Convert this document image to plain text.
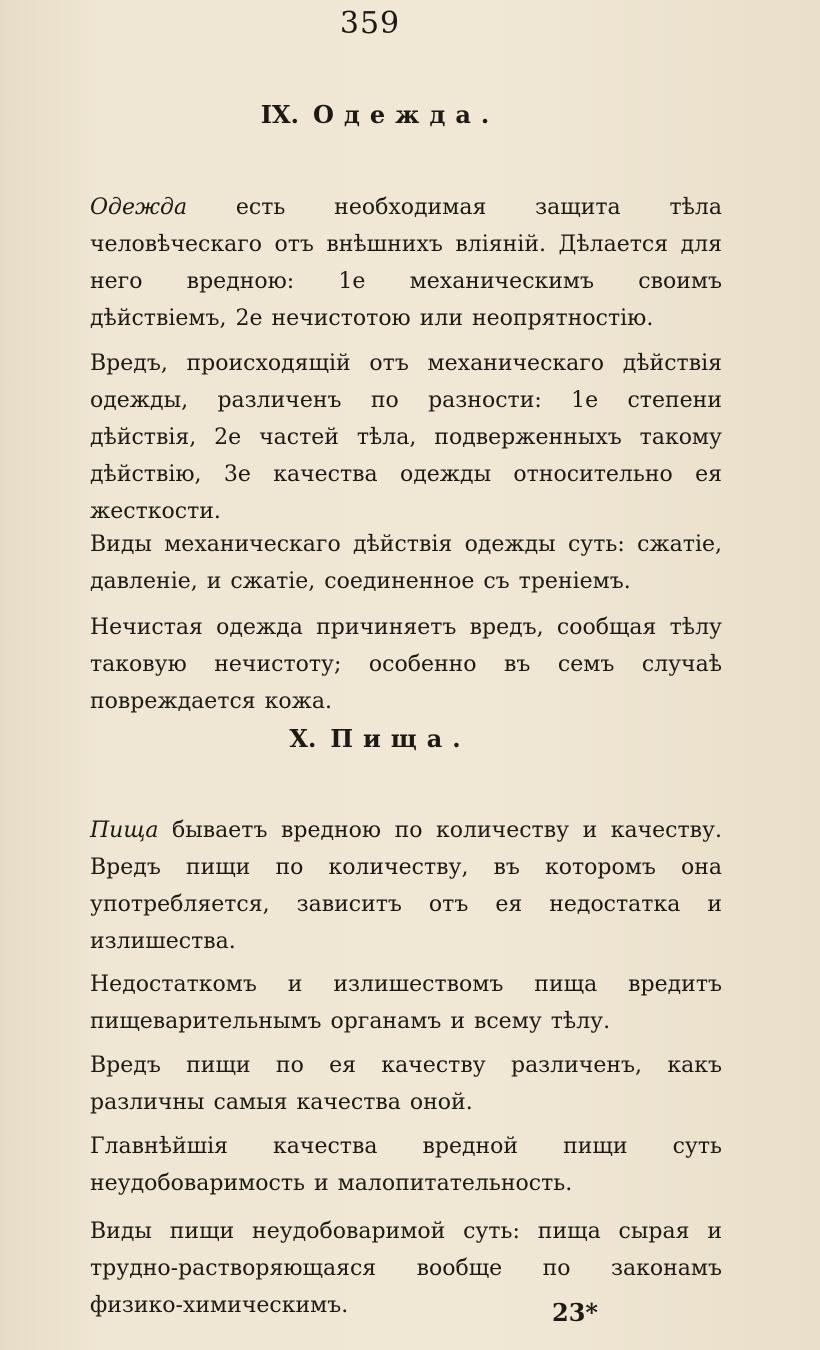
359
IX. Одежда.

Одежда есть необходимая защита тѣла человѣческаго отъ внѣшнихъ вліяній. Дѣлается для него вредною: 1е механическимъ своимъ дѣйствіемъ, 2е нечистотою или неопрятностію.

Вредъ, происходящій отъ механическаго дѣйствія одежды, различенъ по разности: 1е степени дѣйствія, 2е частей тѣла, подверженныхъ такому дѣйствію, 3е качества одежды относительно ея жесткости.

Виды механическаго дѣйствія одежды суть: сжатіе, давленіе, и сжатіе, соединенное съ треніемъ.

Нечистая одежда причиняетъ вредъ, сообщая тѣлу таковую нечистоту; особенно въ семъ случаѣ повреждается кожа.

X. Пища.

Пища бываетъ вредною по количеству и качеству. Вредъ пищи по количеству, въ которомъ она употребляется, зависитъ отъ ея недостатка и излишества.

Недостаткомъ и излишествомъ пища вредитъ пищеварительнымъ органамъ и всему тѣлу.

Вредъ пищи по ея качеству различенъ, какъ различны самыя качества оной.

Главнѣйшія качества вредной пищи суть неудобоваримость и малопитательность.

Виды пищи неудобоваримой суть: пища сырая и трудно-растворяющаяся вообще по законамъ физико-химическимъ.	23*
